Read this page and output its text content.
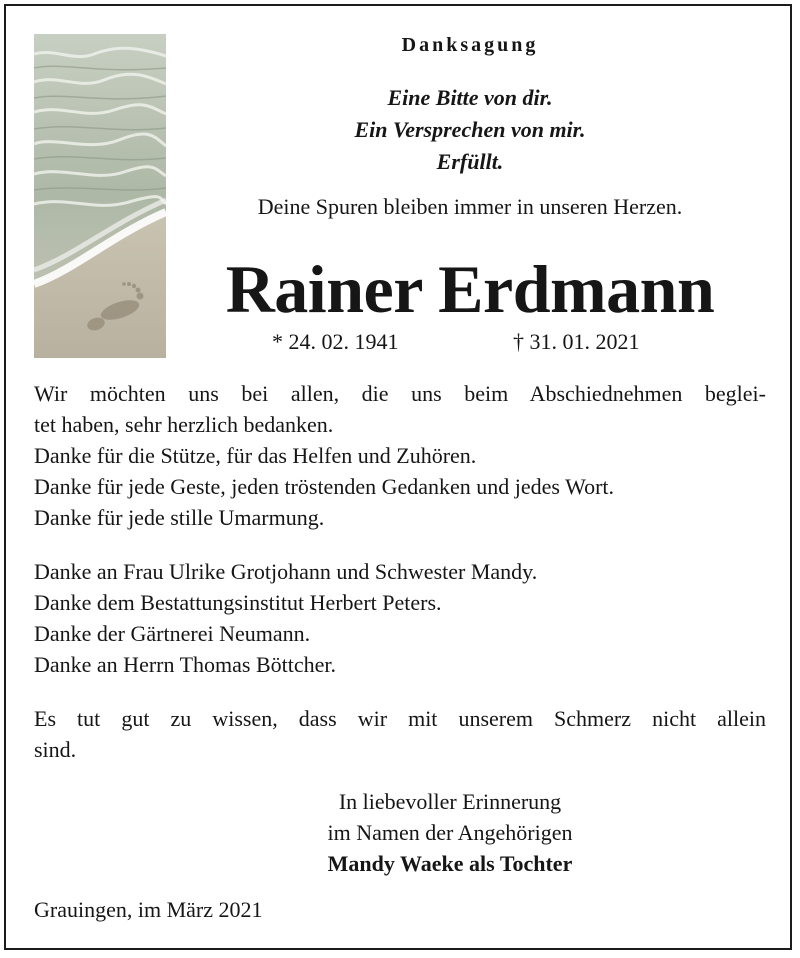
Danksagung
Eine Bitte von dir.
Ein Versprechen von mir.
Erfüllt.
Deine Spuren bleiben immer in unseren Herzen.
Rainer Erdmann
* 24. 02. 1941	† 31. 01. 2021
Wir möchten uns bei allen, die uns beim Abschiednehmen beglei-
tet haben, sehr herzlich bedanken.
Danke für die Stütze, für das Helfen und Zuhören.
Danke für jede Geste, jeden tröstenden Gedanken und jedes Wort.
Danke für jede stille Umarmung.
Danke an Frau Ulrike Grotjohann und Schwester Mandy.
Danke dem Bestattungsinstitut Herbert Peters.
Danke der Gärtnerei Neumann.
Danke an Herrn Thomas Böttcher.
Es tut gut zu wissen, dass wir mit unserem Schmerz nicht allein
sind.
In liebevoller Erinnerung
im Namen der Angehörigen
Mandy Waeke als Tochter
Grauingen, im März 2021
